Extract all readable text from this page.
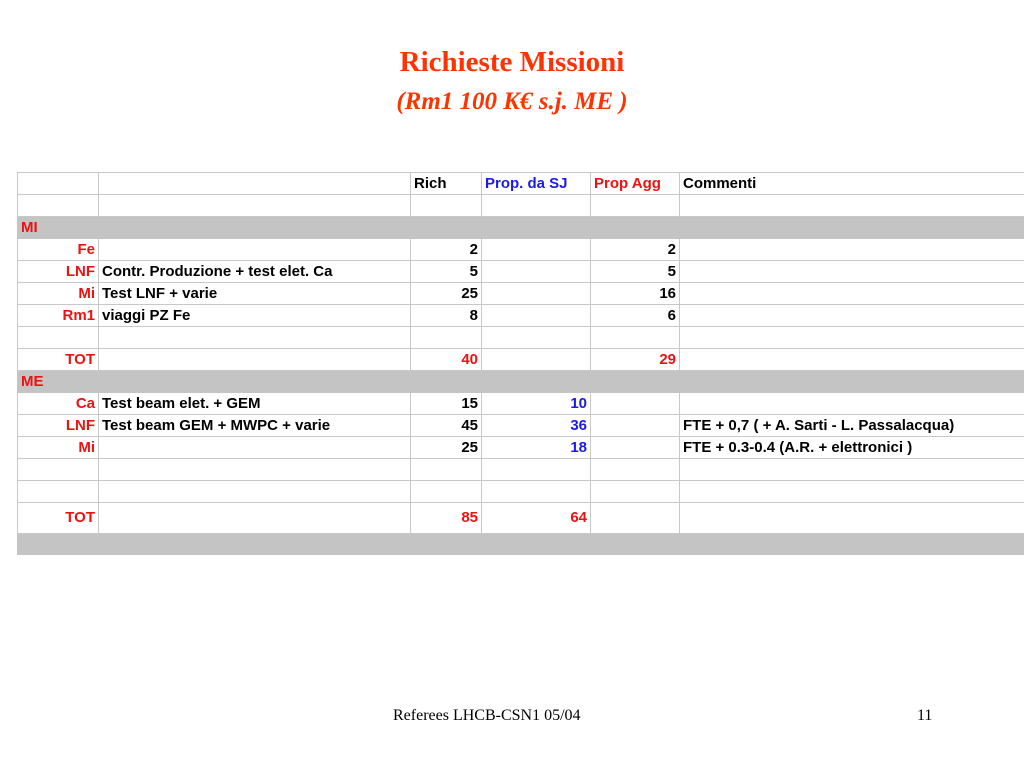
Richieste Missioni
(Rm1 100 K€ s.j. ME )
		Rich	Prop. da SJ	Prop Agg	Commenti

MI					
Fe		2		2	
LNF	Contr. Produzione + test elet. Ca	5		5	
Mi	Test LNF + varie	25		16	
Rm1	viaggi PZ Fe	8		6	

TOT		40		29	
ME					
Ca	Test beam elet. + GEM	15	10		
LNF	Test beam GEM + MWPC + varie	45	36		FTE + 0,7 ( + A. Sarti - L. Passalacqua)
Mi		25	18		FTE + 0.3-0.4 (A.R. + elettronici )

TOT		85	64		

Referees LHCB-CSN1 05/04	11
